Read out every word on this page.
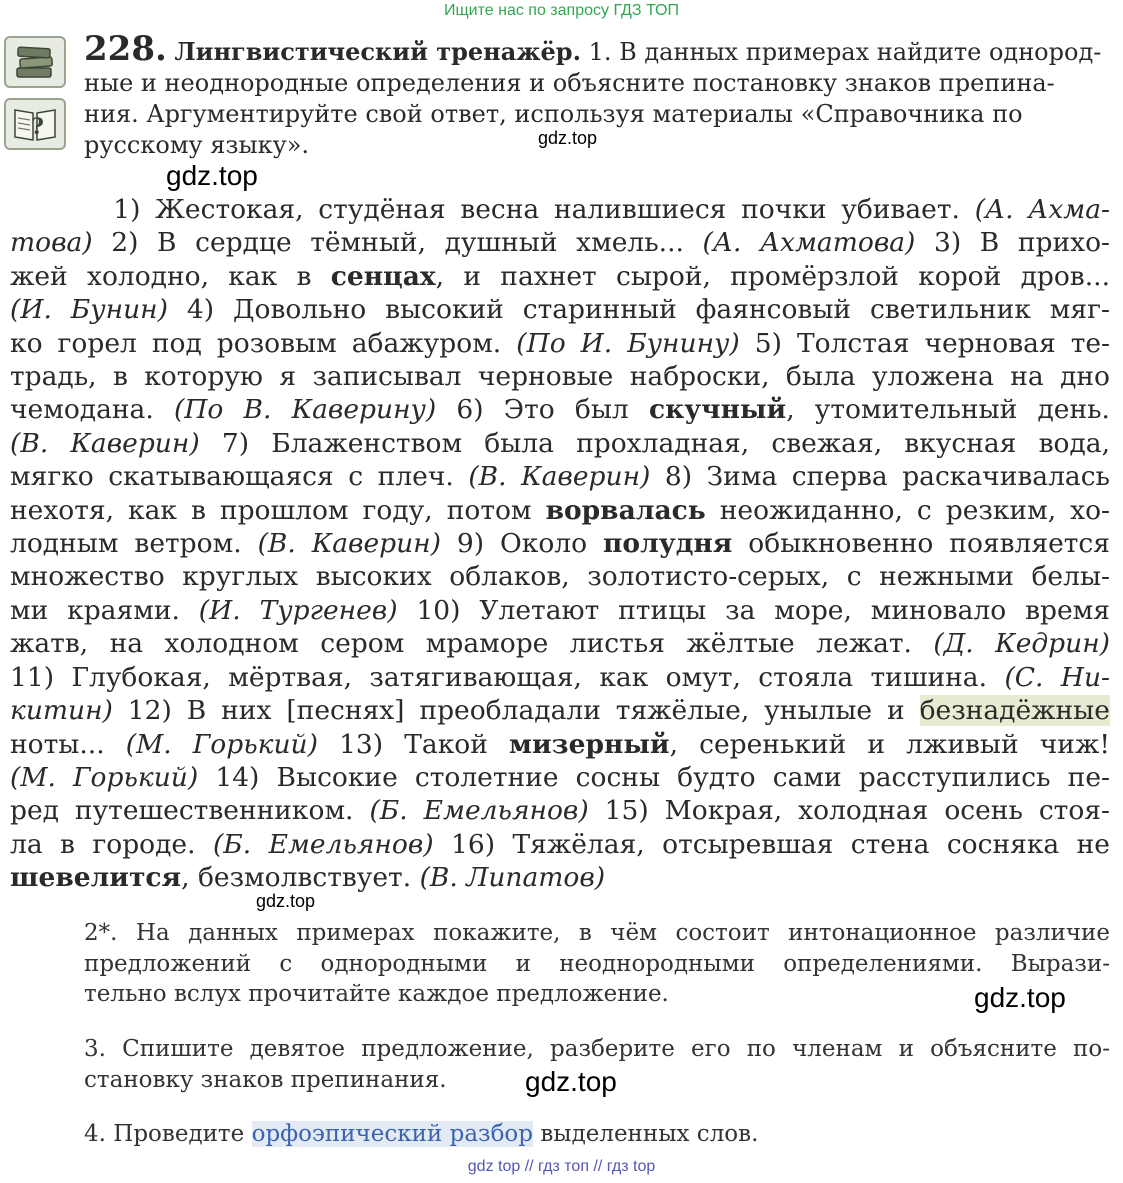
Ищите нас по запросу ГДЗ ТОП
?
228. Лингвистический тренажёр. 1. В данных примерах найдите однород-
ные и неоднородные определения и объясните постановку знаков препина-
ния. Аргументируйте свой ответ, используя материалы «Справочника по
русскому языку».	gdz.top
gdz.top
1) Жестокая, студёная весна налившиеся почки убивает. (А. Ахма-
това) 2) В сердце тёмный, душный хмель... (А. Ахматова) 3) В прихо-
жей холодно, как в сенцах, и пахнет сырой, промёрзлой корой дров...
(И. Бунин) 4) Довольно высокий старинный фаянсовый светильник мяг-
ко горел под розовым абажуром. (По И. Бунину) 5) Толстая черновая те-
традь, в которую я записывал черновые наброски, была уложена на дно
чемодана. (По В. Каверину) 6) Это был скучный, утомительный день.
(В. Каверин) 7) Блаженством была прохладная, свежая, вкусная вода,
мягко скатывающаяся с плеч. (В. Каверин) 8) Зима сперва раскачивалась
нехотя, как в прошлом году, потом ворвалась неожиданно, с резким, хо-
лодным ветром. (В. Каверин) 9) Около полудня обыкновенно появляется
множество круглых высоких облаков, золотисто-серых, с нежными белы-
ми краями. (И. Тургенев) 10) Улетают птицы за море, миновало время
жатв, на холодном сером мраморе листья жёлтые лежат. (Д. Кедрин)
11) Глубокая, мёртвая, затягивающая, как омут, стояла тишина. (С. Ни-
китин) 12) В них [песнях] преобладали тяжёлые, унылые и безнадёжные
ноты... (М. Горький) 13) Такой мизерный, серенький и лживый чиж!
(М. Горький) 14) Высокие столетние сосны будто сами расступились пе-
ред путешественником. (Б. Емельянов) 15) Мокрая, холодная осень стоя-
ла в городе. (Б. Емельянов) 16) Тяжёлая, отсыревшая стена сосняка не
шевелится, безмолвствует. (В. Липатов)
gdz.top
2*. На данных примерах покажите, в чём состоит интонационное различие
предложений с однородными и неоднородными определениями. Вырази-
тельно вслух прочитайте каждое предложение.	gdz.top
3. Спишите девятое предложение, разберите его по членам и объясните по-
становку знаков препинания.	gdz.top
4. Проведите орфоэпический разбор выделенных слов.
gdz top // гдз топ // гдз top
